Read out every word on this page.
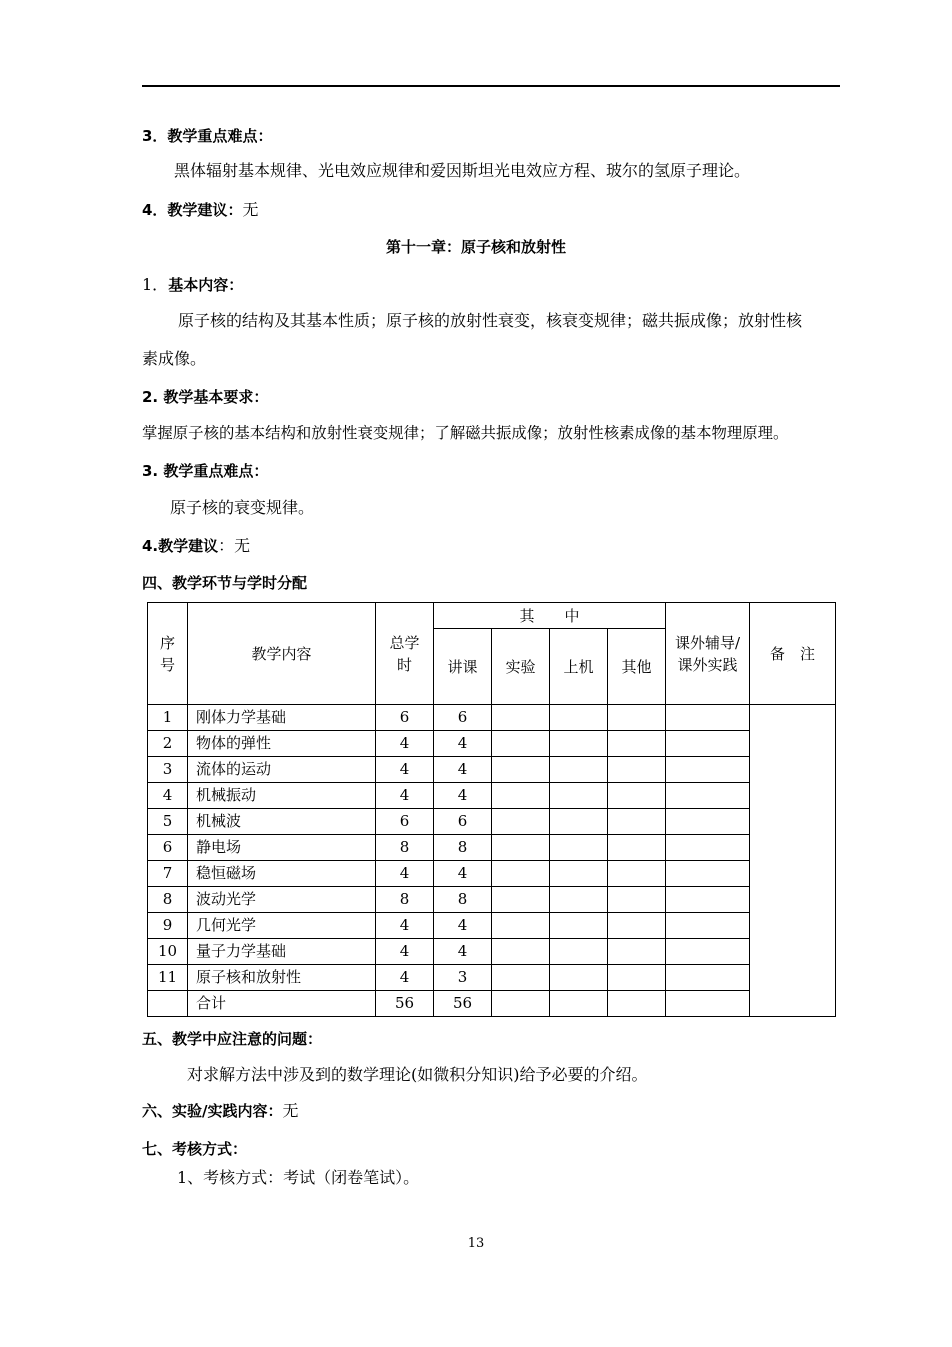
3．教学重点难点：
黑体辐射基本规律、光电效应规律和爱因斯坦光电效应方程、玻尔的氢原子理论。
4．教学建议：无
第十一章：原子核和放射性
1．基本内容：
原子核的结构及其基本性质；原子核的放射性衰变，核衰变规律；磁共振成像；放射性核
素成像。
2. 教学基本要求：
掌握原子核的基本结构和放射性衰变规律；了解磁共振成像；放射性核素成像的基本物理原理。
3. 教学重点难点：
原子核的衰变规律。
4.教学建议：无
四、教学环节与学时分配
序号	教学内容	总学时	其　　中				课外辅导/课外实践	备　注
			讲课	实验	上机	其他		
1	刚体力学基础	6	6					
2	物体的弹性	4	4					
3	流体的运动	4	4					
4	机械振动	4	4					
5	机械波	6	6					
6	静电场	8	8					
7	稳恒磁场	4	4					
8	波动光学	8	8					
9	几何光学	4	4					
10	量子力学基础	4	4					
11	原子核和放射性	4	3					
	合计	56	56					
五、教学中应注意的问题：
对求解方法中涉及到的数学理论(如微积分知识)给予必要的介绍。
六、实验/实践内容：无
七、考核方式：
1、考核方式：考试（闭卷笔试）。
13
